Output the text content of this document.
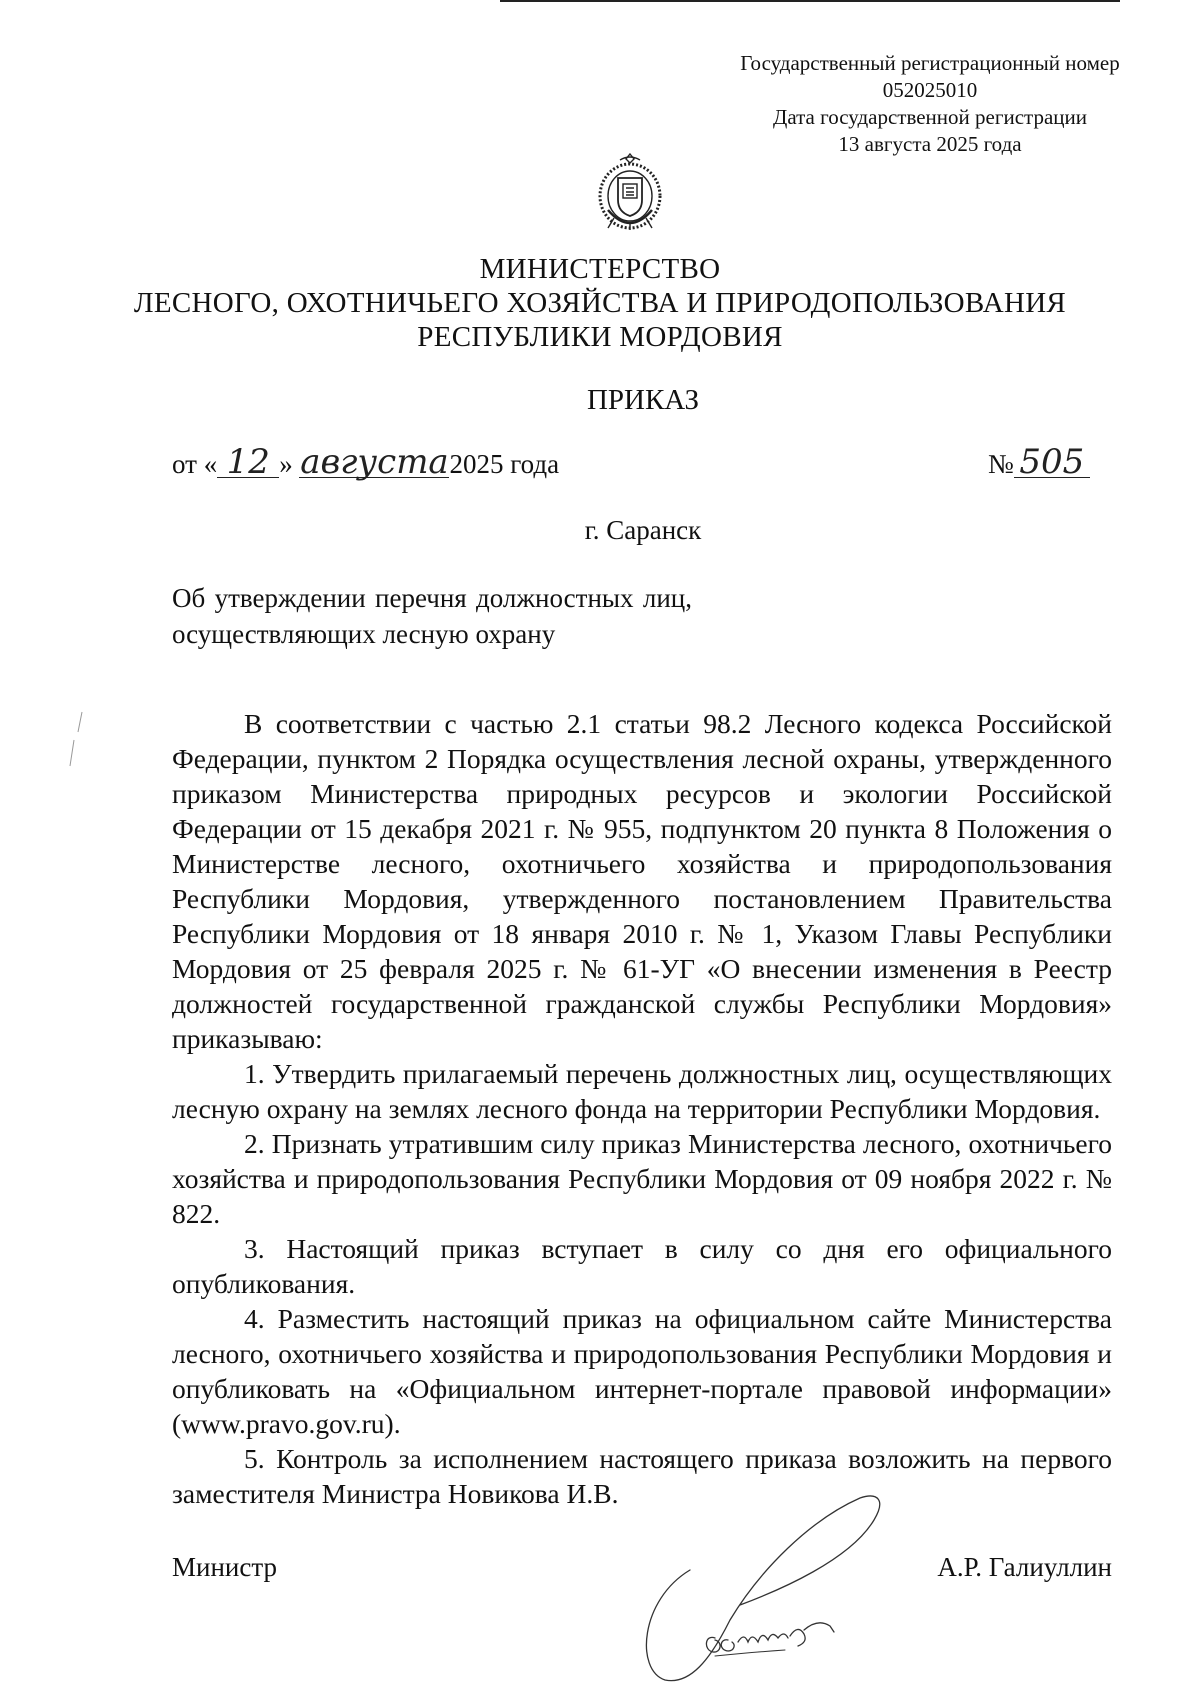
Государственный регистрационный номер
052025010
Дата государственной регистрации
13 августа 2025 года
МИНИСТЕРСТВО
ЛЕСНОГО, ОХОТНИЧЬЕГО ХОЗЯЙСТВА И ПРИРОДОПОЛЬЗОВАНИЯ
РЕСПУБЛИКИ МОРДОВИЯ
ПРИКАЗ
от « 12 » августа2025 года	№ 505
г. Саранск
Об утверждении перечня должностных лиц, осуществляющих лесную охрану

В соответствии с частью 2.1 статьи 98.2 Лесного кодекса Российской Федерации, пунктом 2 Порядка осуществления лесной охраны, утвержденного приказом Министерства природных ресурсов и экологии Российской Федерации от 15 декабря 2021 г. № 955, подпунктом 20 пункта 8 Положения о Министерстве лесного, охотничьего хозяйства и природопользования Республики Мордовия, утвержденного постановлением Правительства Республики Мордовия от 18 января 2010 г. № 1, Указом Главы Республики Мордовия от 25 февраля 2025 г. № 61-УГ «О внесении изменения в Реестр должностей государственной гражданской службы Республики Мордовия» приказываю:

1. Утвердить прилагаемый перечень должностных лиц, осуществляющих лесную охрану на землях лесного фонда на территории Республики Мордовия.

2. Признать утратившим силу приказ Министерства лесного, охотничьего хозяйства и природопользования Республики Мордовия от 09 ноября 2022 г. № 822.

3. Настоящий приказ вступает в силу со дня его официального опубликования.

4. Разместить настоящий приказ на официальном сайте Министерства лесного, охотничьего хозяйства и природопользования Республики Мордовия и опубликовать на «Официальном интернет-портале правовой информации» (www.pravo.gov.ru).

5. Контроль за исполнением настоящего приказа возложить на первого заместителя Министра Новикова И.В.

Министр	А.Р. Галиуллин
